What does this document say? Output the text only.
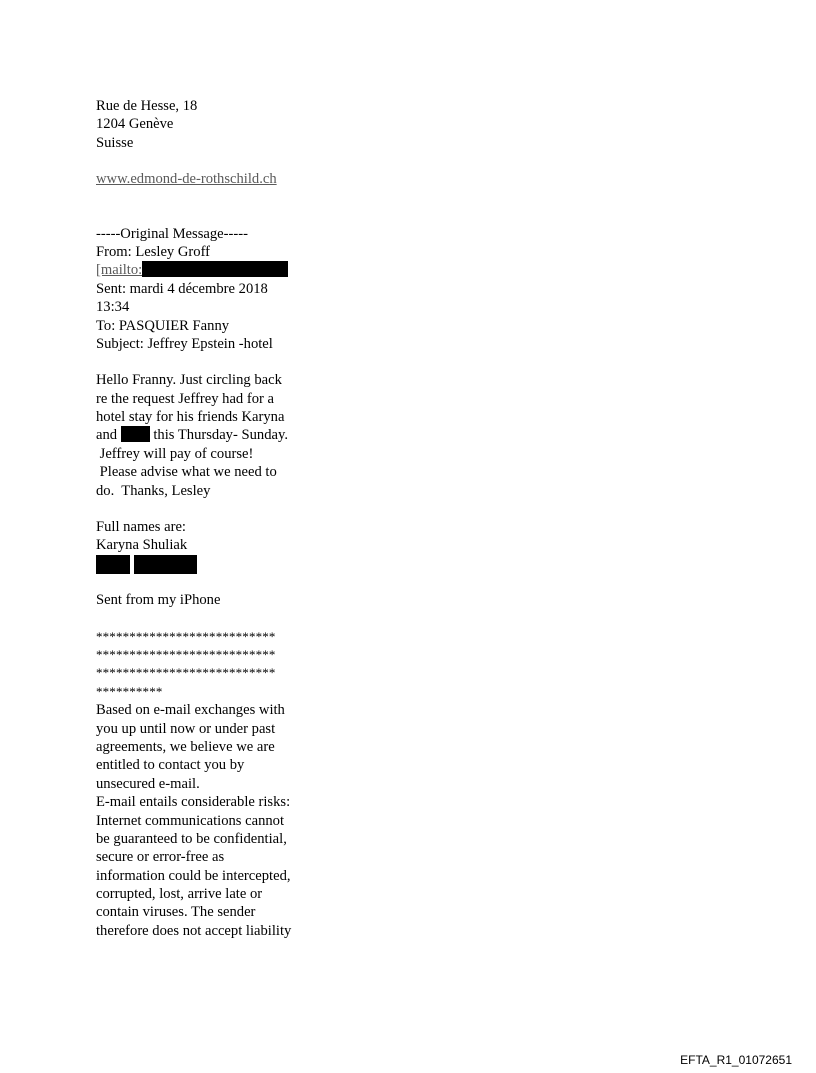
Rue de Hesse, 18
1204 Genève
Suisse
www.edmond-de-rothschild.ch
-----Original Message-----
From: Lesley Groff
[mailto:
Sent: mardi 4 décembre 2018
13:34
To: PASQUIER Fanny
Subject: Jeffrey Epstein -hotel
Hello Franny. Just circling back
re the request Jeffrey had for a
hotel stay for his friends Karyna
and  this Thursday- Sunday.
Jeffrey will pay of course!
Please advise what we need to
do.  Thanks, Lesley
Full names are:
Karyna Shuliak

Sent from my iPhone
***************************
***************************
***************************
**********
Based on e-mail exchanges with
you up until now or under past
agreements, we believe we are
entitled to contact you by
unsecured e-mail.
E-mail entails considerable risks:
Internet communications cannot
be guaranteed to be confidential,
secure or error-free as
information could be intercepted,
corrupted, lost, arrive late or
contain viruses. The sender
therefore does not accept liability
EFTA_R1_01072651
